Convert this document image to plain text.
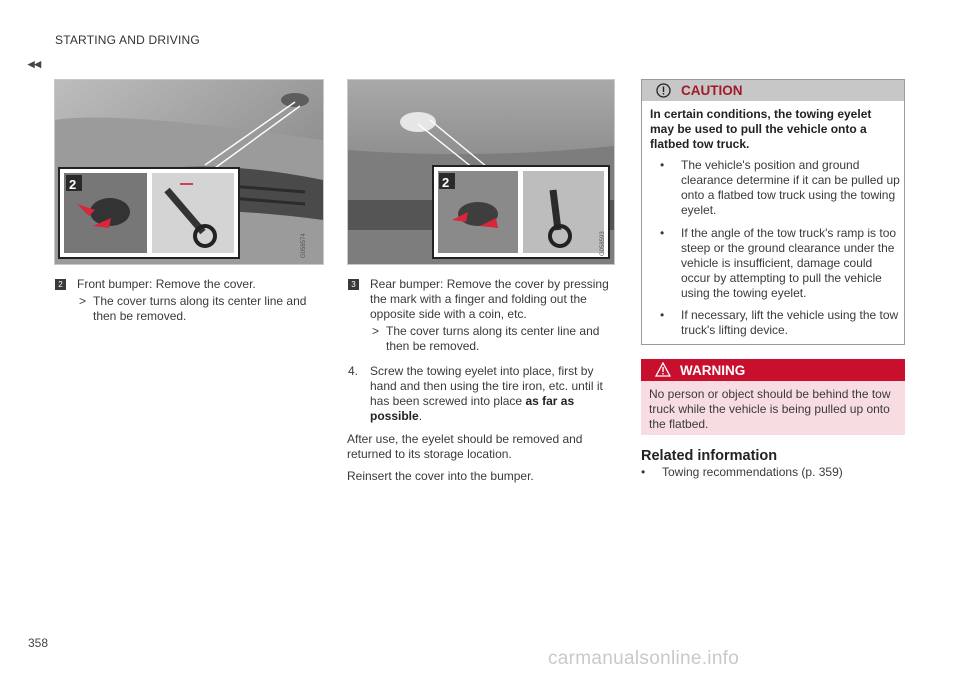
STARTING AND DRIVING
◂◂
2
G058574
2
G058593
2 Front bumper: Remove the cover.
> The cover turns along its center line and then be removed.
3 Rear bumper: Remove the cover by pressing the mark with a finger and folding out the opposite side with a coin, etc.
> The cover turns along its center line and then be removed.
4. Screw the towing eyelet into place, first by hand and then using the tire iron, etc. until it has been screwed into place as far as possible.
After use, the eyelet should be removed and returned to its storage location.
Reinsert the cover into the bumper.
CAUTION
In certain conditions, the towing eyelet may be used to pull the vehicle onto a flatbed tow truck.
• The vehicle's position and ground clearance determine if it can be pulled up onto a flatbed tow truck using the towing eyelet.
• If the angle of the tow truck's ramp is too steep or the ground clearance under the vehicle is insufficient, damage could occur by attempting to pull the vehicle using the towing eyelet.
• If necessary, lift the vehicle using the tow truck's lifting device.
WARNING
No person or object should be behind the tow truck while the vehicle is being pulled up onto the flatbed.
Related information
• Towing recommendations (p. 359)
358
carmanualsonline.info
